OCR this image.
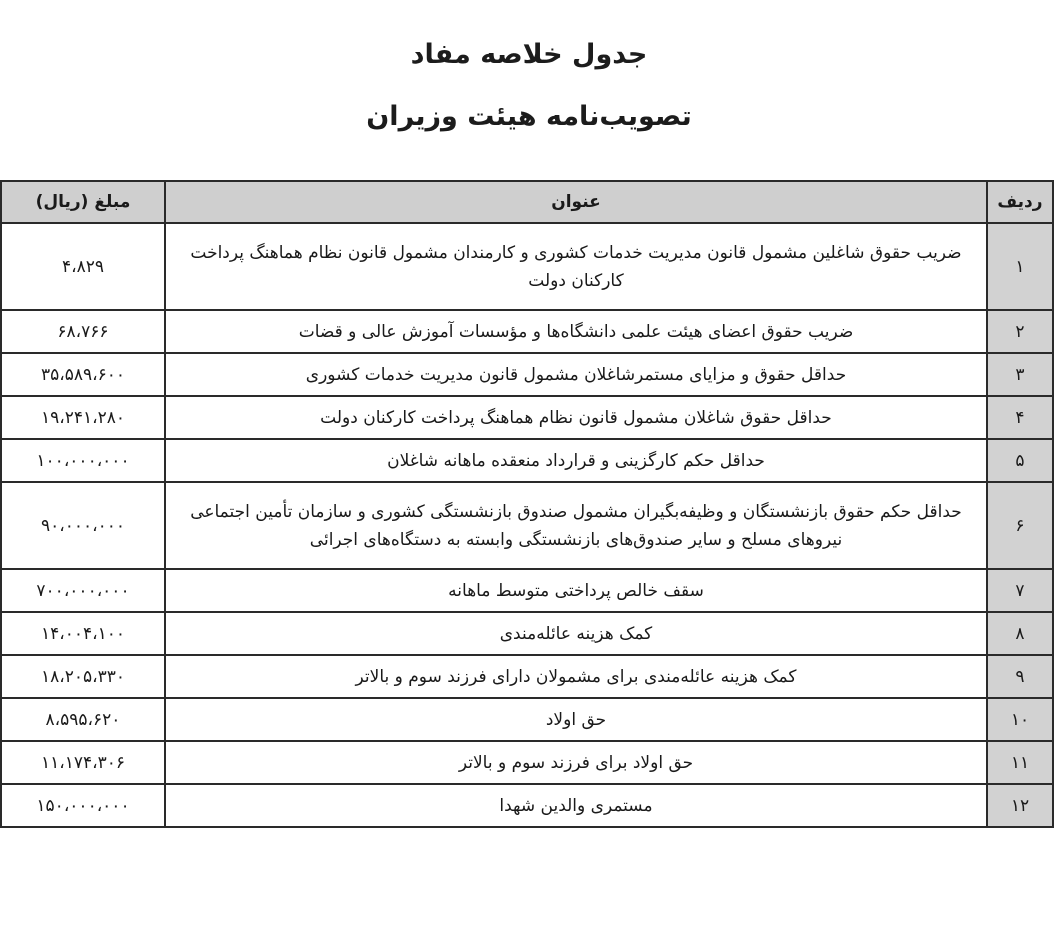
جدول خلاصه مفاد
تصویب‌نامه هیئت وزیران
ردیف	عنوان	مبلغ (ریال)
۱	ضریب حقوق شاغلین مشمول قانون مدیریت خدمات کشوری و کارمندان مشمول قانون نظام هماهنگ پرداخت کارکنان دولت	۴،۸۲۹
۲	ضریب حقوق اعضای هیئت علمی دانشگاه‌ها و مؤسسات آموزش عالی و قضات	۶۸،۷۶۶
۳	حداقل حقوق و مزایای مستمرشاغلان مشمول قانون مدیریت خدمات کشوری	۳۵،۵۸۹،۶۰۰
۴	حداقل حقوق شاغلان مشمول قانون نظام هماهنگ پرداخت کارکنان دولت	۱۹،۲۴۱،۲۸۰
۵	حداقل حکم کارگزینی و قرارداد منعقده ماهانه شاغلان	۱۰۰،۰۰۰،۰۰۰
۶	حداقل حکم حقوق بازنشستگان و وظیفه‌بگیران مشمول صندوق بازنشستگی کشوری و سازمان تأمین اجتماعی نیروهای مسلح و سایر صندوق‌های بازنشستگی وابسته به دستگاه‌های اجرائی	۹۰،۰۰۰،۰۰۰
۷	سقف خالص پرداختی متوسط ماهانه	۷۰۰،۰۰۰،۰۰۰
۸	کمک هزینه عائله‌مندی	۱۴،۰۰۴،۱۰۰
۹	کمک هزینه عائله‌مندی برای مشمولان دارای فرزند سوم و بالاتر	۱۸،۲۰۵،۳۳۰
۱۰	حق اولاد	۸،۵۹۵،۶۲۰
۱۱	حق اولاد برای فرزند سوم و بالاتر	۱۱،۱۷۴،۳۰۶
۱۲	مستمری والدین شهدا	۱۵۰،۰۰۰،۰۰۰
